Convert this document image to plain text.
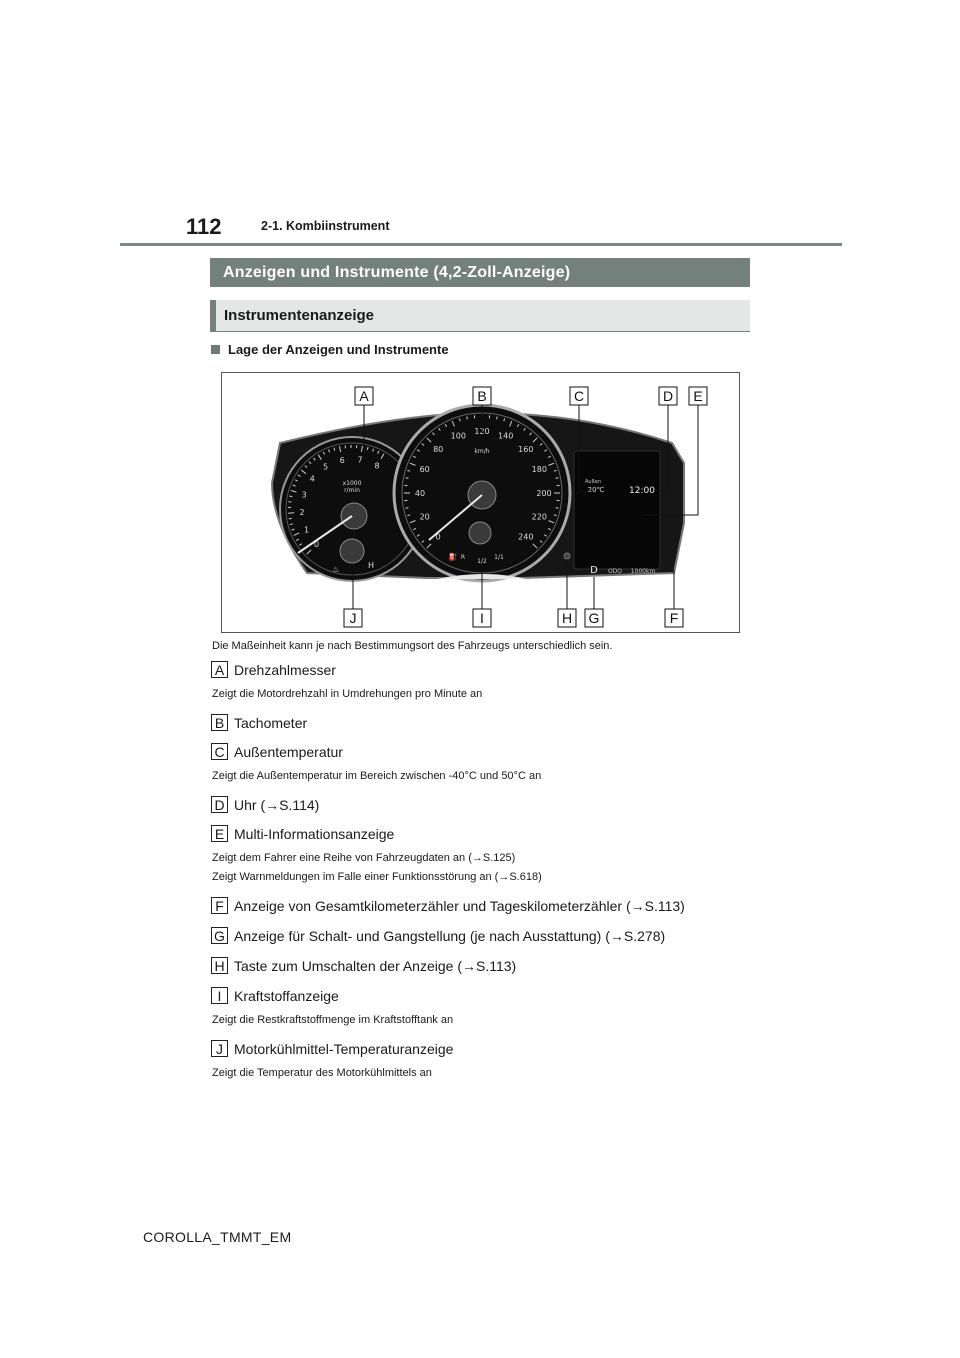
112	2-1. Kombiinstrument
Anzeigen und Instrumente (4,2-Zoll-Anzeige)
Instrumentenanzeige
Lage der Anzeigen und Instrumente
0
1
2
3
4
5
6 7
8
x1000
r/min
H
♨
0
20
40
60
80
100
120
140
160
180
200
220
240
km/h
⛽ R
1/2
1/1
Außen
20℃	12:00
D ODO 1000km
A	B	C	D E
F
G
H
I
J
Die Maßeinheit kann je nach Bestimmungsort des Fahrzeugs unterschiedlich sein.
A Drehzahlmesser
Zeigt die Motordrehzahl in Umdrehungen pro Minute an
B Tachometer
C Außentemperatur
Zeigt die Außentemperatur im Bereich zwischen -40°C und 50°C an
D Uhr (→S.114)
E Multi-Informationsanzeige
Zeigt dem Fahrer eine Reihe von Fahrzeugdaten an (→S.125)
Zeigt Warnmeldungen im Falle einer Funktionsstörung an (→S.618)
F Anzeige von Gesamtkilometerzähler und Tageskilometerzähler (→S.113)
G Anzeige für Schalt- und Gangstellung (je nach Ausstattung) (→S.278)
H Taste zum Umschalten der Anzeige (→S.113)
I Kraftstoffanzeige
Zeigt die Restkraftstoffmenge im Kraftstofftank an
J Motorkühlmittel-Temperaturanzeige
Zeigt die Temperatur des Motorkühlmittels an
COROLLA_TMMT_EM
